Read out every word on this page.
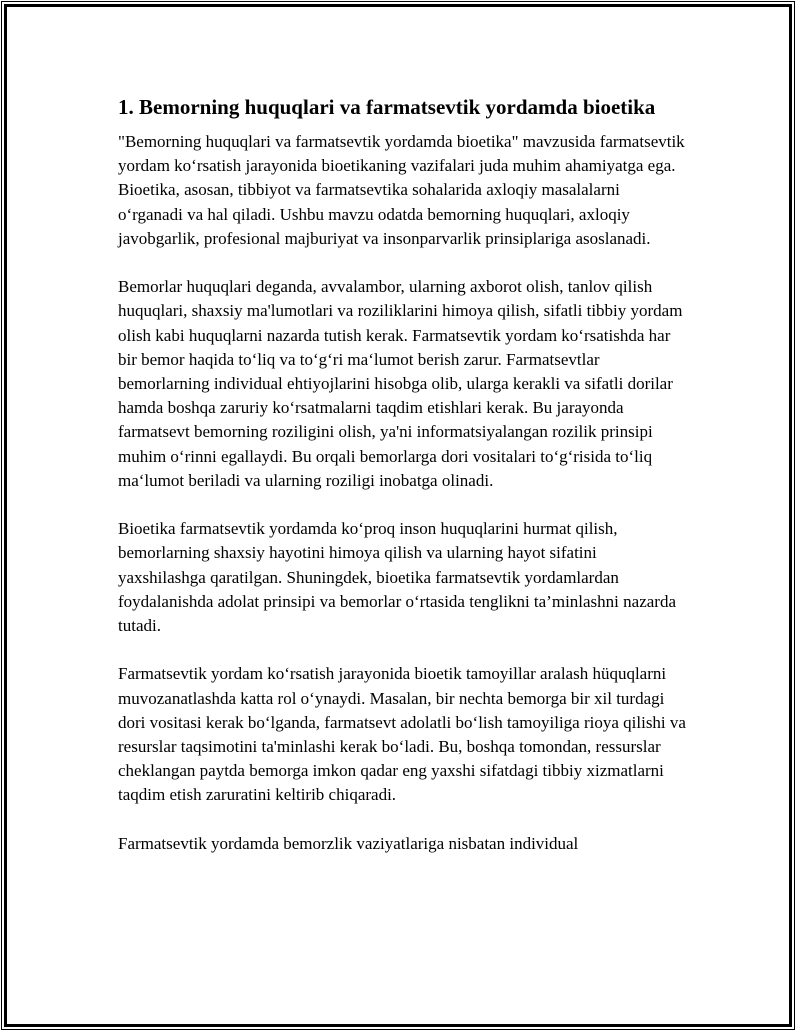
1. Bemorning huquqlari va farmatsevtik yordamda bioetika

"Bemorning huquqlari va farmatsevtik yordamda bioetika" mavzusida farmatsevtik yordam ko‘rsatish jarayonida bioetikaning vazifalari juda muhim ahamiyatga ega. Bioetika, asosan, tibbiyot va farmatsevtika sohalarida axloqiy masalalarni o‘rganadi va hal qiladi. Ushbu mavzu odatda bemorning huquqlari, axloqiy javobgarlik, profesional majburiyat va insonparvarlik prinsiplariga asoslanadi.

Bemorlar huquqlari deganda, avvalambor, ularning axborot olish, tanlov qilish huquqlari, shaxsiy ma'lumotlari va roziliklarini himoya qilish, sifatli tibbiy yordam olish kabi huquqlarni nazarda tutish kerak. Farmatsevtik yordam ko‘rsatishda har bir bemor haqida to‘liq va to‘g‘ri ma‘lumot berish zarur. Farmatsevtlar bemorlarning individual ehtiyojlarini hisobga olib, ularga kerakli va sifatli dorilar hamda boshqa zaruriy ko‘rsatmalarni taqdim etishlari kerak. Bu jarayonda farmatsevt bemorning roziligini olish, ya'ni informatsiyalangan rozilik prinsipi muhim o‘rinni egallaydi. Bu orqali bemorlarga dori vositalari to‘g‘risida to‘liq ma‘lumot beriladi va ularning roziligi inobatga olinadi.

Bioetika farmatsevtik yordamda ko‘proq inson huquqlarini hurmat qilish, bemorlarning shaxsiy hayotini himoya qilish va ularning hayot sifatini yaxshilashga qaratilgan. Shuningdek, bioetika farmatsevtik yordamlardan foydalanishda adolat prinsipi va bemorlar o‘rtasida tenglikni ta’minlashni nazarda tutadi.

Farmatsevtik yordam ko‘rsatish jarayonida bioetik tamoyillar aralash hüquqlarni muvozanatlashda katta rol o‘ynaydi. Masalan, bir nechta bemorga bir xil turdagi dori vositasi kerak bo‘lganda, farmatsevt adolatli bo‘lish tamoyiliga rioya qilishi va resurslar taqsimotini ta'minlashi kerak bo‘ladi. Bu, boshqa tomondan, ressurslar cheklangan paytda bemorga imkon qadar eng yaxshi sifatdagi tibbiy xizmatlarni taqdim etish zaruratini keltirib chiqaradi.

Farmatsevtik yordamda bemorzlik vaziyatlariga nisbatan individual
